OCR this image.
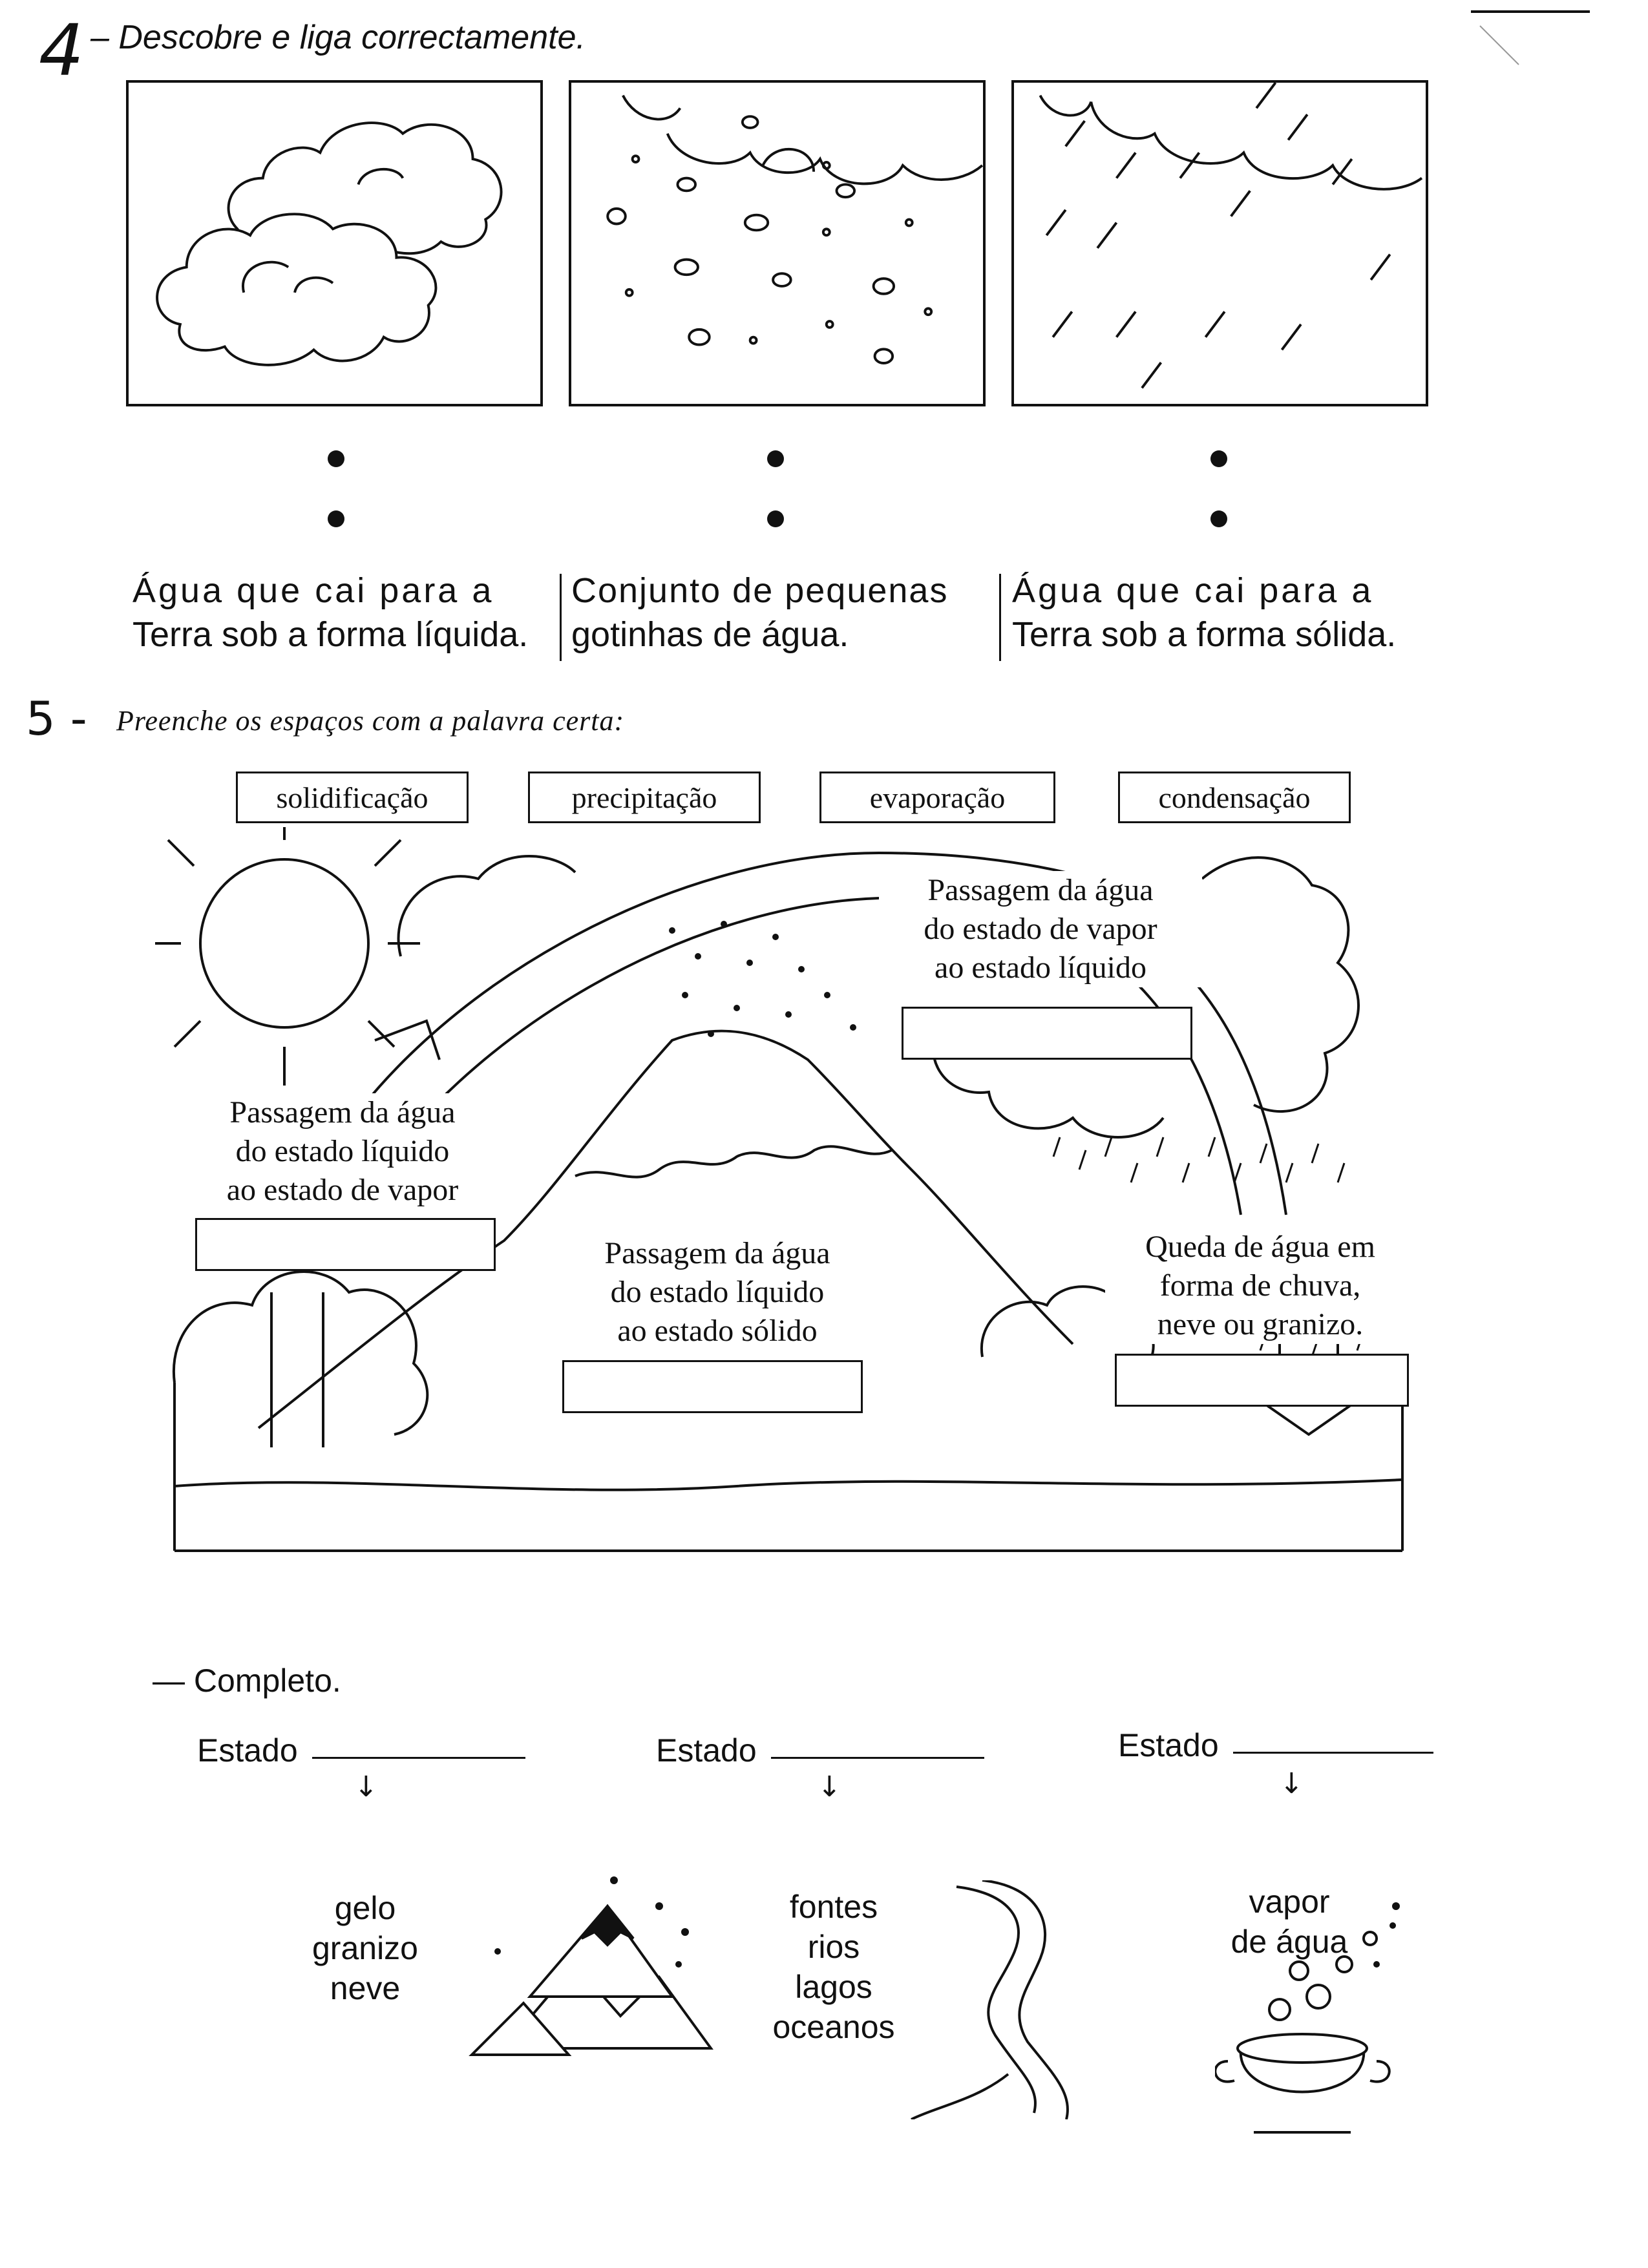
4 – Descobre e liga correctamente.
Água que cai para a
Terra sob a forma líquida.
Conjunto de pequenas
gotinhas de água.
Água que cai para a
Terra sob a forma sólida.
5 - Preenche os espaços com a palavra certa:
solidificação	precipitação	evaporação	condensação
Passagem da água
do estado de vapor
ao estado líquido
Passagem da água
do estado líquido
ao estado de vapor
Passagem da água
do estado líquido
ao estado sólido
Queda de água em
forma de chuva,
neve ou granizo.
— Completo.
Estado
↓
Estado
↓
Estado
↓
gelo
granizo
neve
fontes
rios
lagos
oceanos
vapor
de água
